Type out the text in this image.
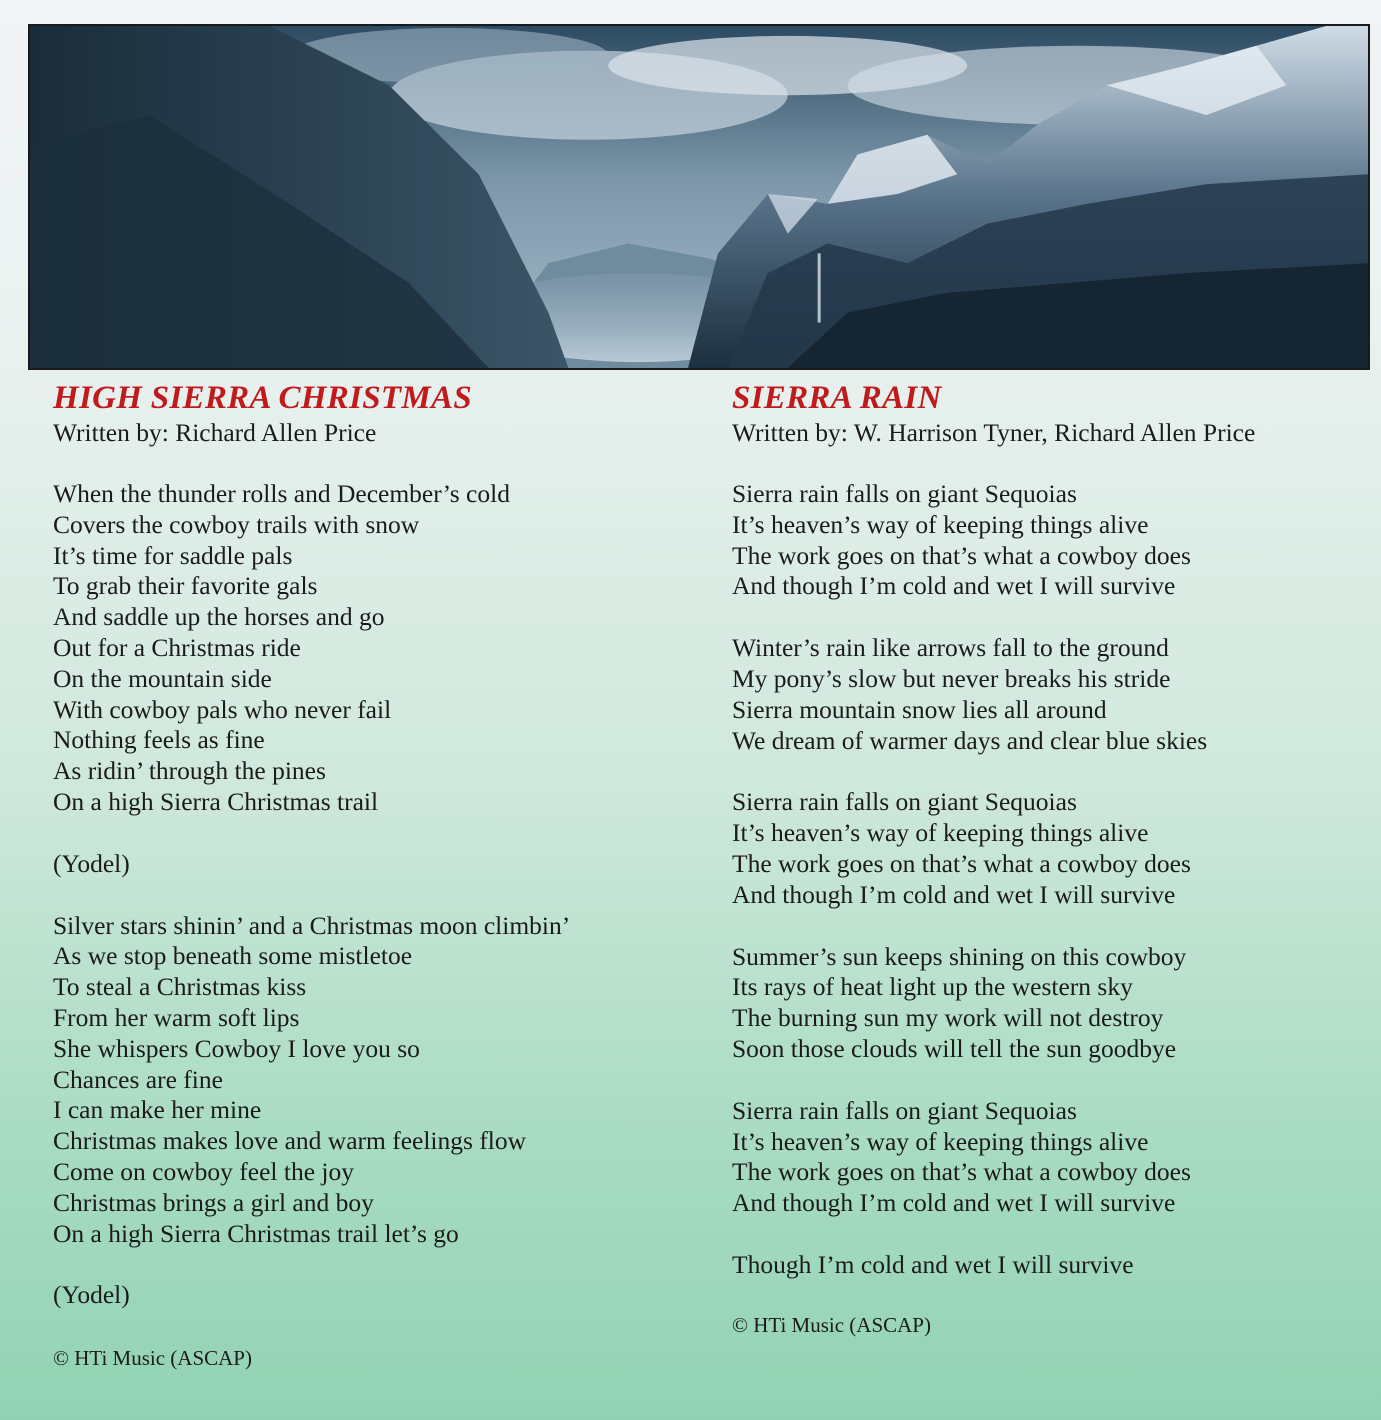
HIGH SIERRA CHRISTMAS
Written by: Richard Allen Price
When the thunder rolls and December’s cold
Covers the cowboy trails with snow
It’s time for saddle pals
To grab their favorite gals
And saddle up the horses and go
Out for a Christmas ride
On the mountain side
With cowboy pals who never fail
Nothing feels as fine
As ridin’ through the pines
On a high Sierra Christmas trail
(Yodel)
Silver stars shinin’ and a Christmas moon climbin’
As we stop beneath some mistletoe
To steal a Christmas kiss
From her warm soft lips
She whispers Cowboy I love you so
Chances are fine
I can make her mine
Christmas makes love and warm feelings flow
Come on cowboy feel the joy
Christmas brings a girl and boy
On a high Sierra Christmas trail let’s go
(Yodel)
© HTi Music (ASCAP)
SIERRA RAIN
Written by: W. Harrison Tyner, Richard Allen Price
Sierra rain falls on giant Sequoias
It’s heaven’s way of keeping things alive
The work goes on that’s what a cowboy does
And though I’m cold and wet I will survive
Winter’s rain like arrows fall to the ground
My pony’s slow but never breaks his stride
Sierra mountain snow lies all around
We dream of warmer days and clear blue skies
Sierra rain falls on giant Sequoias
It’s heaven’s way of keeping things alive
The work goes on that’s what a cowboy does
And though I’m cold and wet I will survive
Summer’s sun keeps shining on this cowboy
Its rays of heat light up the western sky
The burning sun my work will not destroy
Soon those clouds will tell the sun goodbye
Sierra rain falls on giant Sequoias
It’s heaven’s way of keeping things alive
The work goes on that’s what a cowboy does
And though I’m cold and wet I will survive
Though I’m cold and wet I will survive
© HTi Music (ASCAP)
